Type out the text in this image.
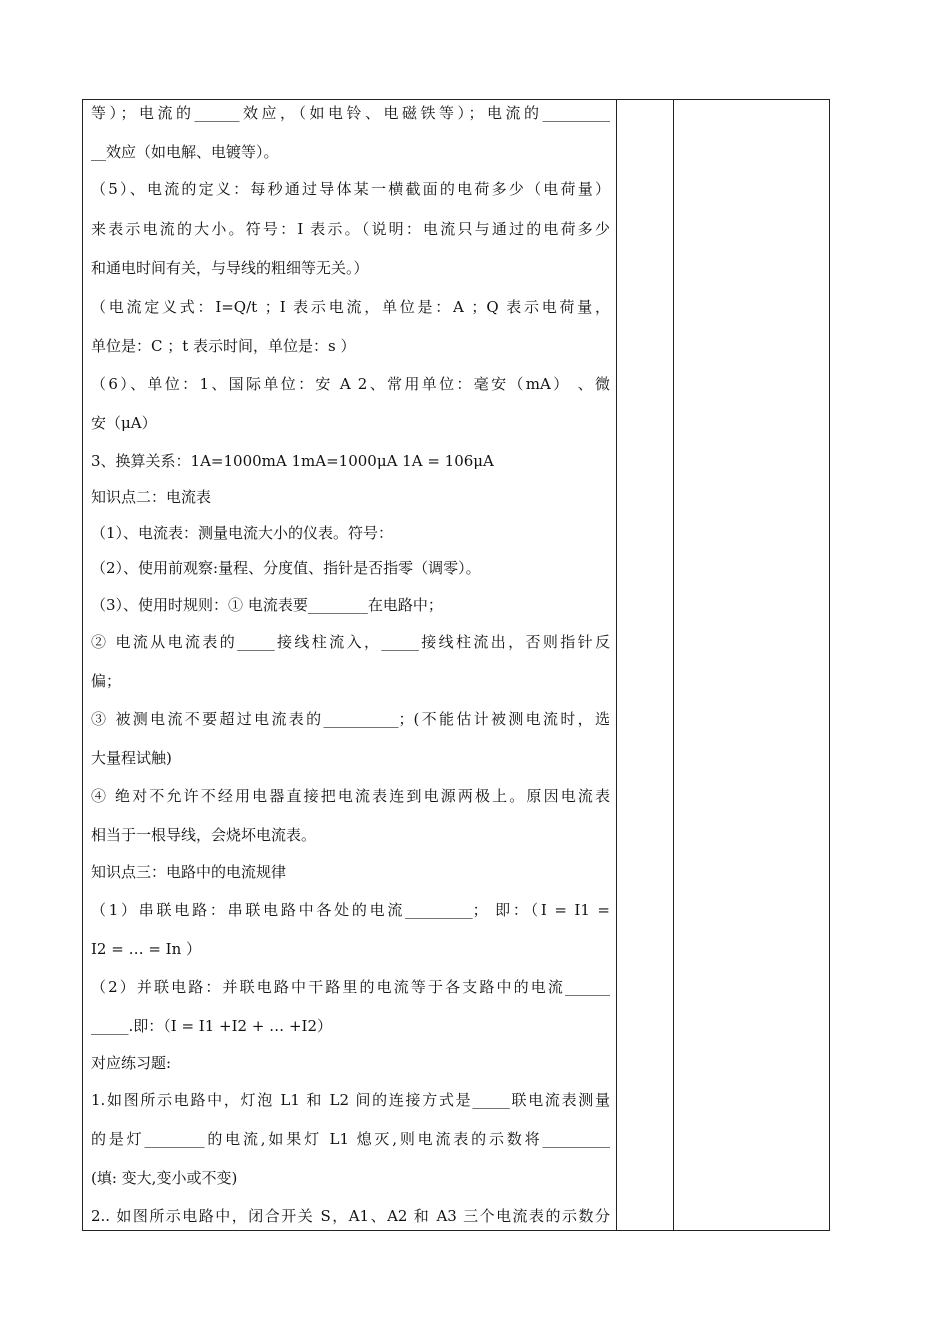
等）；电流的______效应，（如电铃、电磁铁等）；电流的_________
__效应（如电解、电镀等）。
（5）、电流的定义：每秒通过导体某一横截面的电荷多少（电荷量）
来表示电流的大小。符号：I 表示。（说明：电流只与通过的电荷多少
和通电时间有关，与导线的粗细等无关。）
（电流定义式：I=Q/t ；I 表示电流，单位是：A ；Q 表示电荷量，
单位是：C ；t 表示时间，单位是：s ）
（6）、单位：1、国际单位：安 A 2、常用单位：毫安（mA） 、微
安（μA）
3、换算关系：1A=1000mA 1mA=1000μA 1A = 106μA
知识点二：电流表
（1）、电流表：测量电流大小的仪表。符号：
（2）、使用前观察:量程、分度值、指针是否指零（调零）。
（3）、使用时规则：① 电流表要________在电路中；
② 电流从电流表的_____接线柱流入，_____接线柱流出，否则指针反
偏；
③ 被测电流不要超过电流表的__________；(不能估计被测电流时，选
大量程试触)
④ 绝对不允许不经用电器直接把电流表连到电源两极上。原因电流表
相当于一根导线，会烧坏电流表。
知识点三：电路中的电流规律
（1）串联电路：串联电路中各处的电流_________； 即：（I = I1 =
I2 = … = In ）
（2）并联电路：并联电路中干路里的电流等于各支路中的电流______
_____.即：（I = I1 +I2 + … +I2）
对应练习题:
1.如图所示电路中，灯泡 L1 和 L2 间的连接方式是_____联电流表测量
的是灯________的电流,如果灯 L1 熄灭,则电流表的示数将_________
(填: 变大,变小或不变)
2.. 如图所示电路中，闭合开关 S，A1、A2 和 A3 三个电流表的示数分
